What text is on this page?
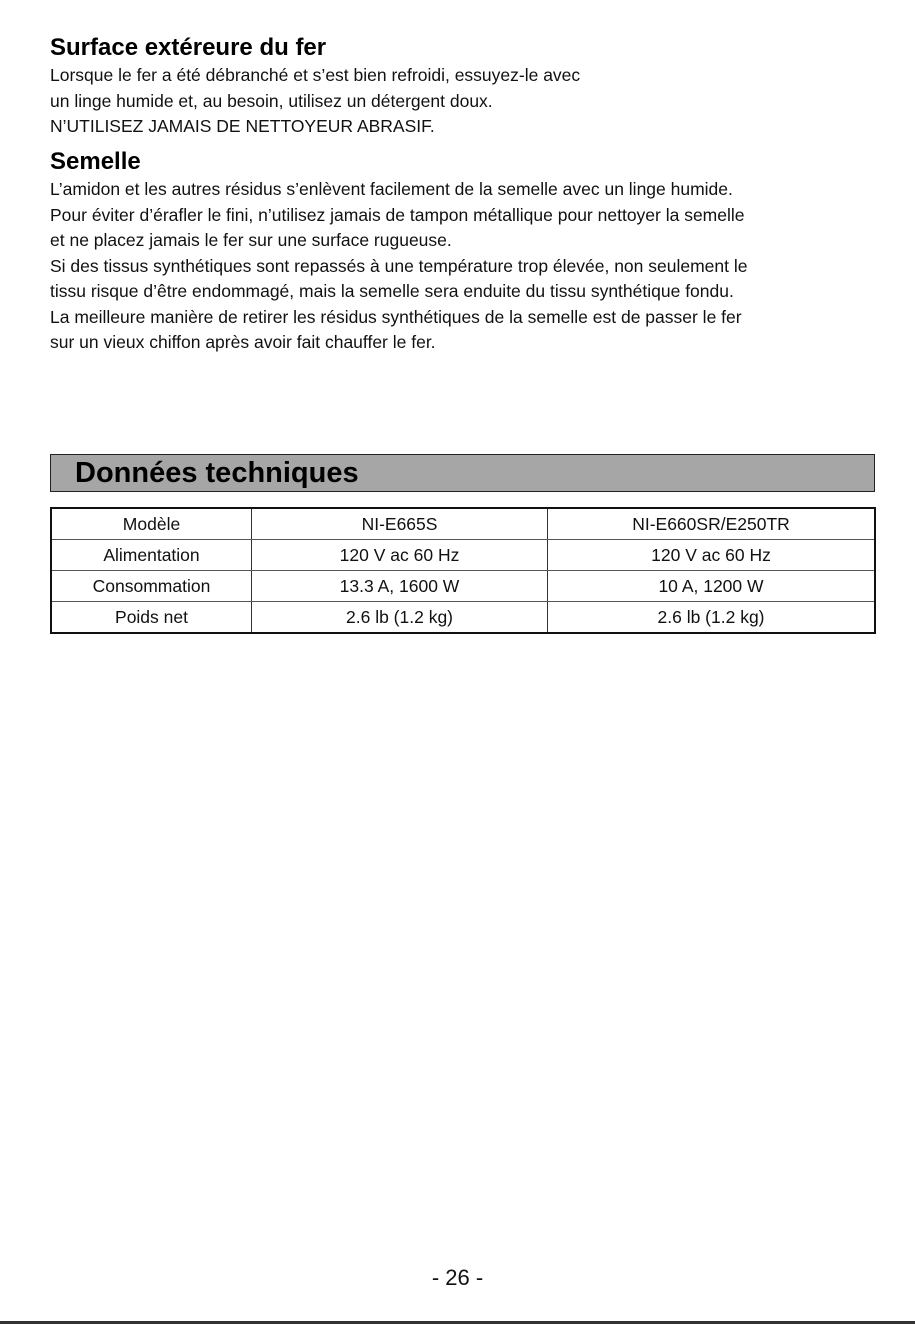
Surface extéreure du fer

Lorsque le fer a été débranché et s’est bien refroidi, essuyez-le avec
un linge humide et, au besoin, utilisez un détergent doux.
N’UTILISEZ JAMAIS DE NETTOYEUR ABRASIF.

Semelle

L’amidon et les autres résidus s’enlèvent facilement de la semelle avec un linge humide.
Pour éviter d’érafler le fini, n’utilisez jamais de tampon métallique pour nettoyer la semelle
et ne placez jamais le fer sur une surface rugueuse.
Si des tissus synthétiques sont repassés à une température trop élevée, non seulement le
tissu risque d’être endommagé, mais la semelle sera enduite du tissu synthétique fondu.
La meilleure manière de retirer les résidus synthétiques de la semelle est de passer le fer
sur un vieux chiffon après avoir fait chauffer le fer.

Données techniques
Modèle	NI-E665S	NI-E660SR/E250TR
Alimentation	120 V ac 60 Hz	120 V ac 60 Hz
Consommation	13.3 A, 1600 W	10 A, 1200 W
Poids net	2.6 lb (1.2 kg)	2.6 lb (1.2 kg)
- 26 -
